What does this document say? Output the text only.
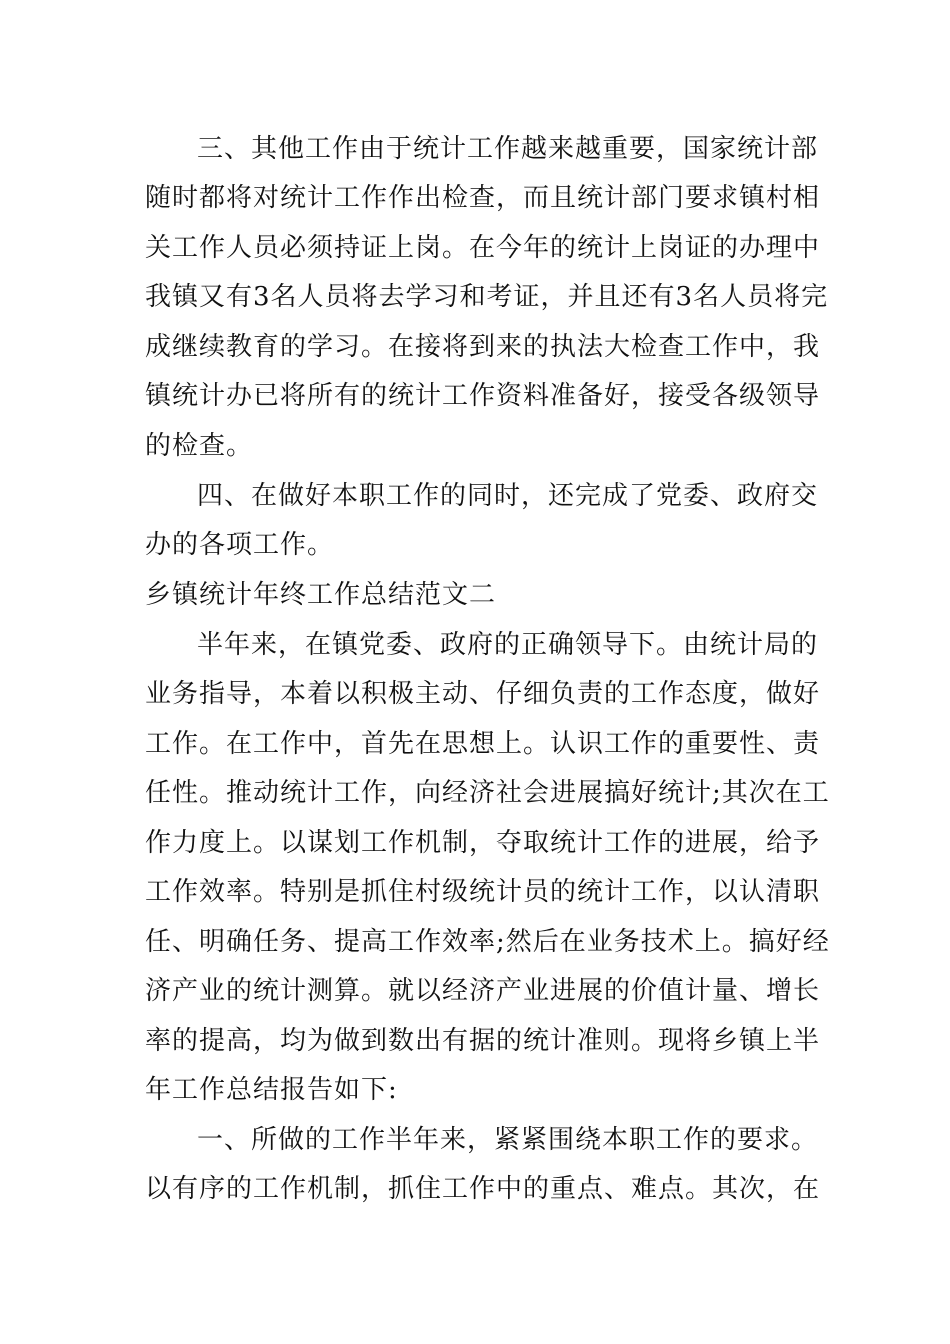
三、其他工作由于统计工作越来越重要，国家统计部
随时都将对统计工作作出检查，而且统计部门要求镇村相
关工作人员必须持证上岗。在今年的统计上岗证的办理中
我镇又有3名人员将去学习和考证，并且还有3名人员将完
成继续教育的学习。在接将到来的执法大检查工作中，我
镇统计办已将所有的统计工作资料准备好，接受各级领导
的检查。
四、在做好本职工作的同时，还完成了党委、政府交
办的各项工作。
乡镇统计年终工作总结范文二
半年来，在镇党委、政府的正确领导下。由统计局的
业务指导，本着以积极主动、仔细负责的工作态度，做好
工作。在工作中，首先在思想上。认识工作的重要性、责
任性。推动统计工作，向经济社会进展搞好统计;其次在工
作力度上。以谋划工作机制，夺取统计工作的进展，给予
工作效率。特别是抓住村级统计员的统计工作，以认清职
任、明确任务、提高工作效率;然后在业务技术上。搞好经
济产业的统计测算。就以经济产业进展的价值计量、增长
率的提高，均为做到数出有据的统计准则。现将乡镇上半
年工作总结报告如下:
一、所做的工作半年来，紧紧围绕本职工作的要求。
以有序的工作机制，抓住工作中的重点、难点。其次，在
